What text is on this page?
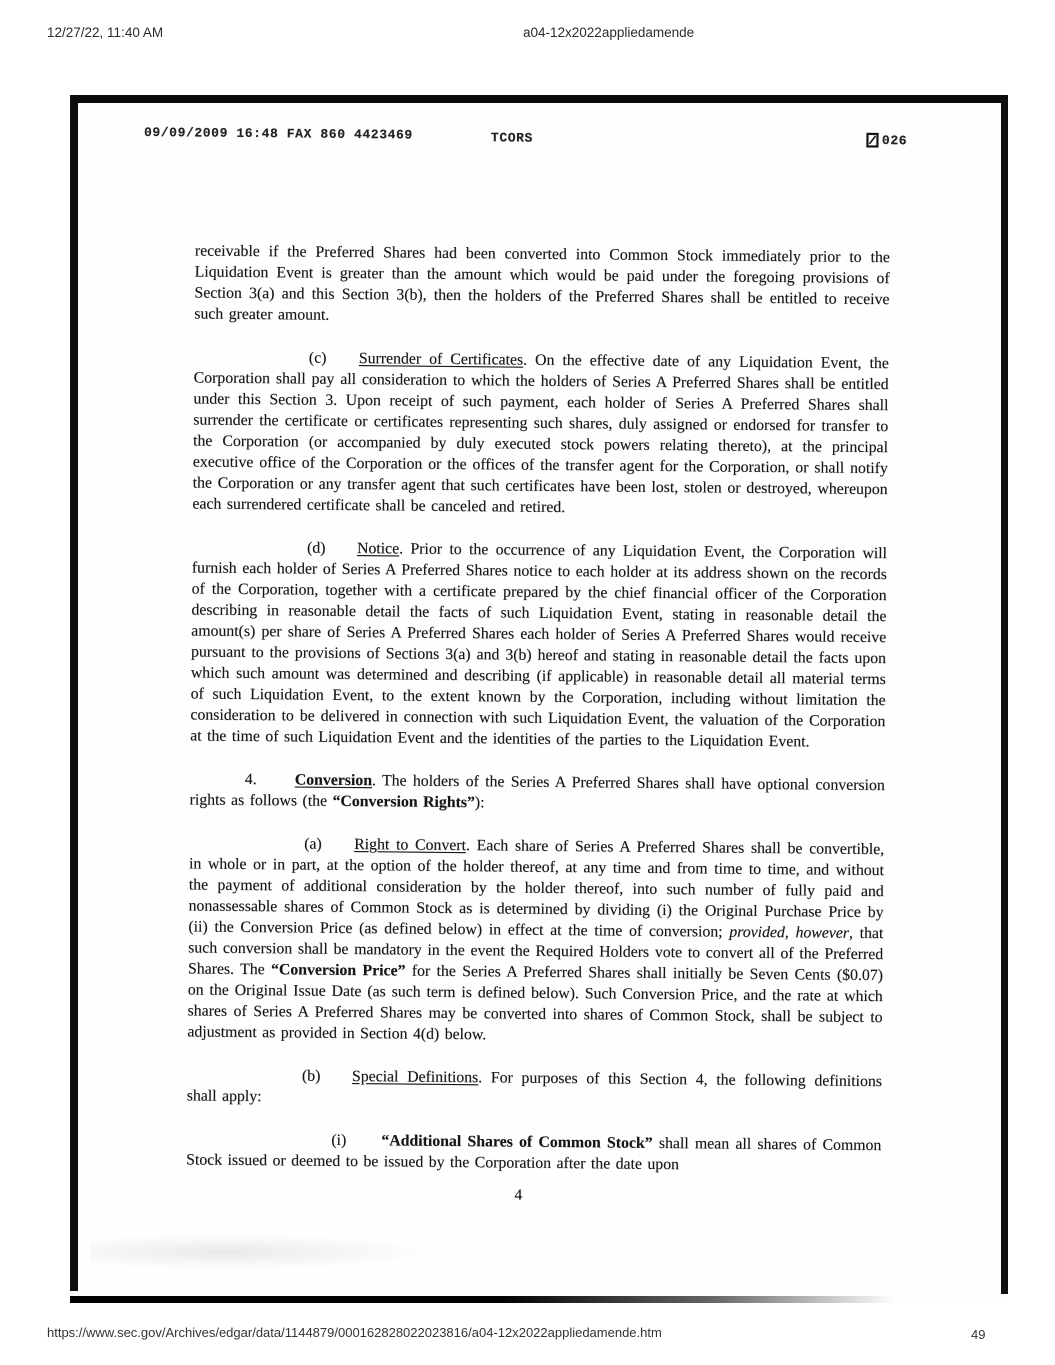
12/27/22, 11:40 AM	a04-12x2022appliedamende
09/09/2009 16:48 FAX 860 4423469	TCORS	026

receivable if the Preferred Shares had been converted into Common Stock immediately prior to the Liquidation Event is greater than the amount which would be paid under the foregoing provisions of Section 3(a) and this Section 3(b), then the holders of the Preferred Shares shall be entitled to receive such greater amount.

(c) Surrender of Certificates. On the effective date of any Liquidation Event, the Corporation shall pay all consideration to which the holders of Series A Preferred Shares shall be entitled under this Section 3. Upon receipt of such payment, each holder of Series A Preferred Shares shall surrender the certificate or certificates representing such shares, duly assigned or endorsed for transfer to the Corporation (or accompanied by duly executed stock powers relating thereto), at the principal executive office of the Corporation or the offices of the transfer agent for the Corporation, or shall notify the Corporation or any transfer agent that such certificates have been lost, stolen or destroyed, whereupon each surrendered certificate shall be canceled and retired.

(d) Notice. Prior to the occurrence of any Liquidation Event, the Corporation will furnish each holder of Series A Preferred Shares notice to each holder at its address shown on the records of the Corporation, together with a certificate prepared by the chief financial officer of the Corporation describing in reasonable detail the facts of such Liquidation Event, stating in reasonable detail the amount(s) per share of Series A Preferred Shares each holder of Series A Preferred Shares would receive pursuant to the provisions of Sections 3(a) and 3(b) hereof and stating in reasonable detail the facts upon which such amount was determined and describing (if applicable) in reasonable detail all material terms of such Liquidation Event, to the extent known by the Corporation, including without limitation the consideration to be delivered in connection with such Liquidation Event, the valuation of the Corporation at the time of such Liquidation Event and the identities of the parties to the Liquidation Event.

4. Conversion. The holders of the Series A Preferred Shares shall have optional conversion rights as follows (the “Conversion Rights”):

(a) Right to Convert. Each share of Series A Preferred Shares shall be convertible, in whole or in part, at the option of the holder thereof, at any time and from time to time, and without the payment of additional consideration by the holder thereof, into such number of fully paid and nonassessable shares of Common Stock as is determined by dividing (i) the Original Purchase Price by (ii) the Conversion Price (as defined below) in effect at the time of conversion; provided, however, that such conversion shall be mandatory in the event the Required Holders vote to convert all of the Preferred Shares. The “Conversion Price” for the Series A Preferred Shares shall initially be Seven Cents ($0.07) on the Original Issue Date (as such term is defined below). Such Conversion Price, and the rate at which shares of Series A Preferred Shares may be converted into shares of Common Stock, shall be subject to adjustment as provided in Section 4(d) below.

(b) Special Definitions. For purposes of this Section 4, the following definitions shall apply:

(i) “Additional Shares of Common Stock” shall mean all shares of Common Stock issued or deemed to be issued by the Corporation after the date upon

4
https://www.sec.gov/Archives/edgar/data/1144879/000162828022023816/a04-12x2022appliedamende.htm	49
